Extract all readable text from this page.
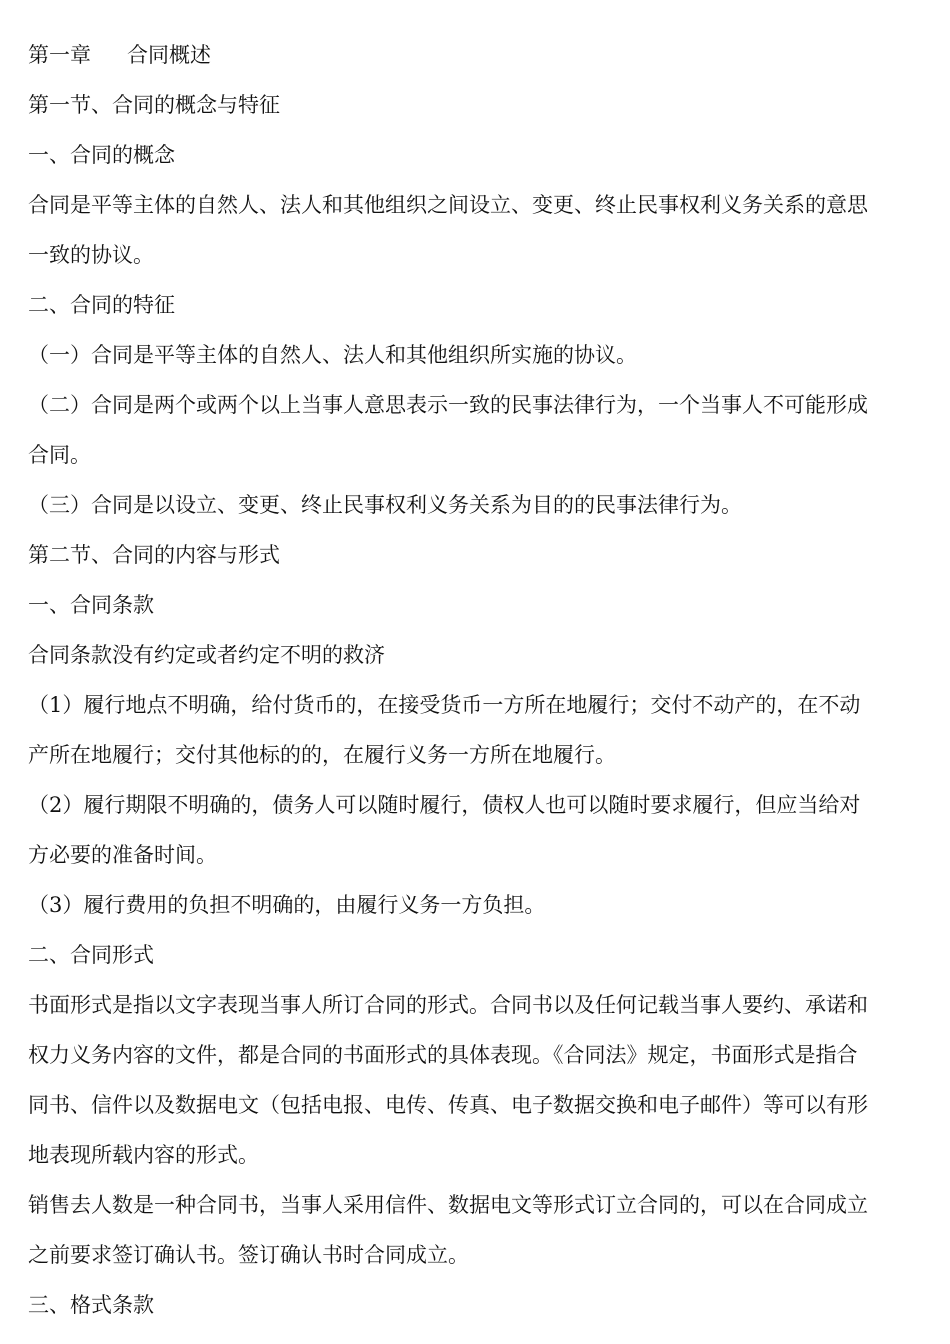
第一章 合同概述
第一节、合同的概念与特征
一、合同的概念
合同是平等主体的自然人、法人和其他组织之间设立、变更、终止民事权利义务关系的意思
一致的协议。
二、合同的特征
（一）合同是平等主体的自然人、法人和其他组织所实施的协议。
（二）合同是两个或两个以上当事人意思表示一致的民事法律行为，一个当事人不可能形成
合同。
（三）合同是以设立、变更、终止民事权利义务关系为目的的民事法律行为。
第二节、合同的内容与形式
一、合同条款
合同条款没有约定或者约定不明的救济
（1）履行地点不明确，给付货币的，在接受货币一方所在地履行；交付不动产的，在不动
产所在地履行；交付其他标的的，在履行义务一方所在地履行。
（2）履行期限不明确的，债务人可以随时履行，债权人也可以随时要求履行，但应当给对
方必要的准备时间。
（3）履行费用的负担不明确的，由履行义务一方负担。
二、合同形式
书面形式是指以文字表现当事人所订合同的形式。合同书以及任何记载当事人要约、承诺和
权力义务内容的文件，都是合同的书面形式的具体表现。《合同法》规定，书面形式是指合
同书、信件以及数据电文（包括电报、电传、传真、电子数据交换和电子邮件）等可以有形
地表现所载内容的形式。
销售去人数是一种合同书，当事人采用信件、数据电文等形式订立合同的，可以在合同成立
之前要求签订确认书。签订确认书时合同成立。
三、格式条款
